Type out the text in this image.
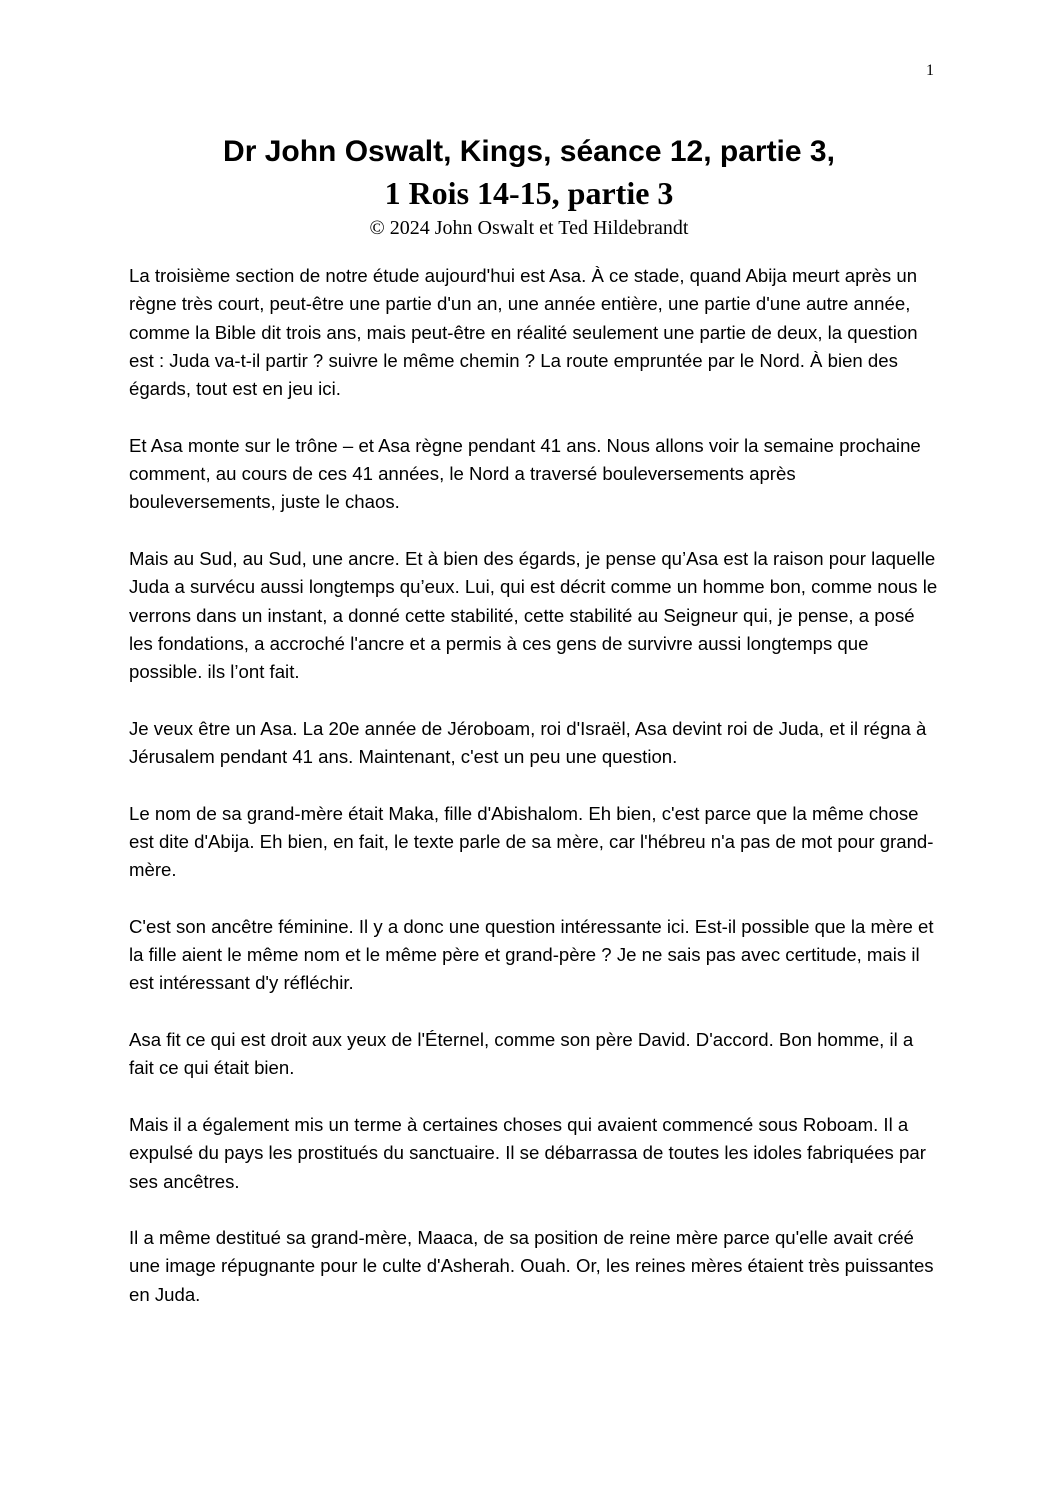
1
Dr John Oswalt, Kings, séance 12, partie 3,
1 Rois 14-15, partie 3
© 2024 John Oswalt et Ted Hildebrandt

La troisième section de notre étude aujourd'hui est Asa. À ce stade, quand Abija meurt après un règne très court, peut-être une partie d'un an, une année entière, une partie d'une autre année, comme la Bible dit trois ans, mais peut-être en réalité seulement une partie de deux, la question est : Juda va-t-il partir ? suivre le même chemin ? La route empruntée par le Nord. À bien des égards, tout est en jeu ici.

Et Asa monte sur le trône – et Asa règne pendant 41 ans. Nous allons voir la semaine prochaine comment, au cours de ces 41 années, le Nord a traversé bouleversements après bouleversements, juste le chaos.

Mais au Sud, au Sud, une ancre. Et à bien des égards, je pense qu’Asa est la raison pour laquelle Juda a survécu aussi longtemps qu’eux. Lui, qui est décrit comme un homme bon, comme nous le verrons dans un instant, a donné cette stabilité, cette stabilité au Seigneur qui, je pense, a posé les fondations, a accroché l'ancre et a permis à ces gens de survivre aussi longtemps que possible. ils l’ont fait.

Je veux être un Asa. La 20e année de Jéroboam, roi d'Israël, Asa devint roi de Juda, et il régna à Jérusalem pendant 41 ans. Maintenant, c'est un peu une question.

Le nom de sa grand-mère était Maka, fille d'Abishalom. Eh bien, c'est parce que la même chose est dite d'Abija. Eh bien, en fait, le texte parle de sa mère, car l'hébreu n'a pas de mot pour grand-mère.

C'est son ancêtre féminine. Il y a donc une question intéressante ici. Est-il possible que la mère et la fille aient le même nom et le même père et grand-père ? Je ne sais pas avec certitude, mais il est intéressant d'y réfléchir.

Asa fit ce qui est droit aux yeux de l'Éternel, comme son père David. D'accord. Bon homme, il a fait ce qui était bien.

Mais il a également mis un terme à certaines choses qui avaient commencé sous Roboam. Il a expulsé du pays les prostitués du sanctuaire. Il se débarrassa de toutes les idoles fabriquées par ses ancêtres.

Il a même destitué sa grand-mère, Maaca, de sa position de reine mère parce qu'elle avait créé une image répugnante pour le culte d'Asherah. Ouah. Or, les reines mères étaient très puissantes en Juda.
